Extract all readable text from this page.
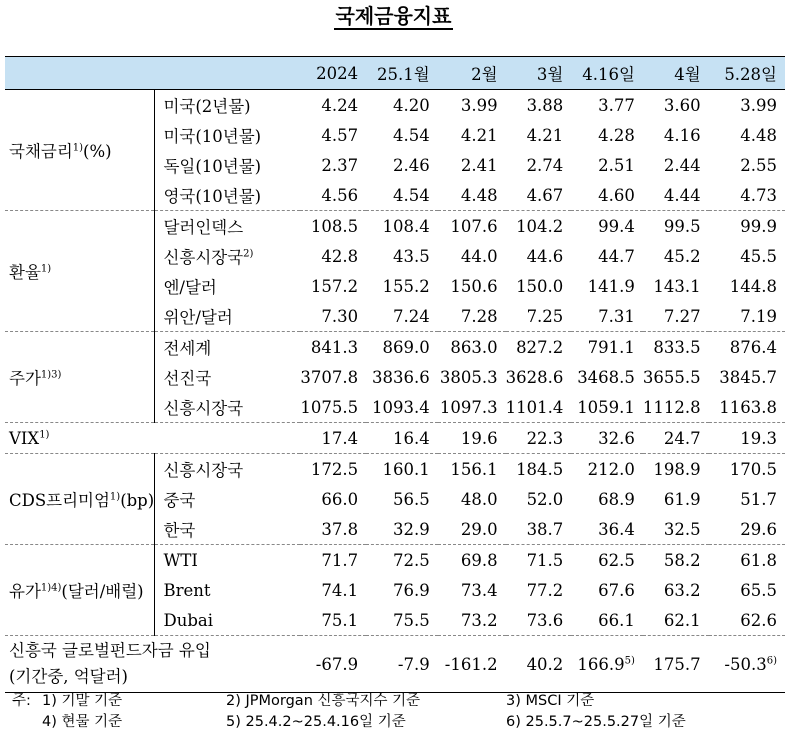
국제금융지표
		2024	25.1월	2월	3월	4.16일	4월	5.28일
국채금리$^{1)}$(%)	미국(2년물)	4.24	4.20	3.99	3.88	3.77	3.60	3.99
	미국(10년물)	4.57	4.54	4.21	4.21	4.28	4.16	4.48
	독일(10년물)	2.37	2.46	2.41	2.74	2.51	2.44	2.55
	영국(10년물)	4.56	4.54	4.48	4.67	4.60	4.44	4.73
환율$^{1)}$	달러인덱스	108.5	108.4	107.6	104.2	99.4	99.5	99.9
	신흥시장국$^{2)}$	42.8	43.5	44.0	44.6	44.7	45.2	45.5
	엔/달러	157.2	155.2	150.6	150.0	141.9	143.1	144.8
	위안/달러	7.30	7.24	7.28	7.25	7.31	7.27	7.19
주가$^{1)3)}$	전세계	841.3	869.0	863.0	827.2	791.1	833.5	876.4
	선진국	3707.8	3836.6	3805.3	3628.6	3468.5	3655.5	3845.7
	신흥시장국	1075.5	1093.4	1097.3	1101.4	1059.1	1112.8	1163.8
VIX$^{1)}$		17.4	16.4	19.6	22.3	32.6	24.7	19.3
CDS프리미엄$^{1)}$(bp)	신흥시장국	172.5	160.1	156.1	184.5	212.0	198.9	170.5
	중국	66.0	56.5	48.0	52.0	68.9	61.9	51.7
	한국	37.8	32.9	29.0	38.7	36.4	32.5	29.6
유가$^{1)4)}$(달러/배럴)	WTI	71.7	72.5	69.8	71.5	62.5	58.2	61.8
	Brent	74.1	76.9	73.4	77.2	67.6	63.2	65.5
	Dubai	75.1	75.5	73.2	73.6	66.1	62.1	62.6

신흥국 글로벌펀드자금 유입
(기간중, 억달러)		-67.9	-7.9	-161.2	40.2	166.9$^{5)}$	175.7	-50.3$^{6)}$
주: 1) 기말 기준	2) JPMorgan 신흥국지수 기준	3) MSCI 기준
4) 현물 기준	5) 25.4.2~25.4.16일 기준	6) 25.5.7~25.5.27일 기준
